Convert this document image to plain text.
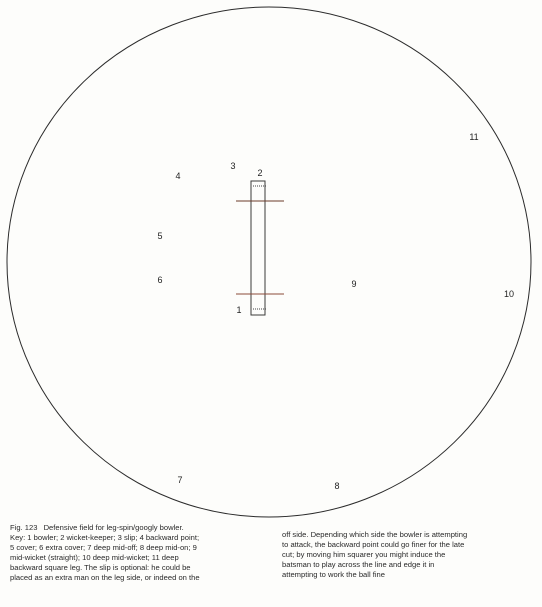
1
2
3
4
5
6
7
8
9
10
11
Fig. 123 Defensive field for leg-spin/googly bowler.
Key: 1 bowler; 2 wicket-keeper; 3 slip; 4 backward point;
5 cover; 6 extra cover; 7 deep mid-off; 8 deep mid-on; 9
mid-wicket (straight); 10 deep mid-wicket; 11 deep
backward square leg. The slip is optional: he could be
placed as an extra man on the leg side, or indeed on the
off side. Depending which side the bowler is attempting
to attack, the backward point could go finer for the late
cut; by moving him squarer you might induce the
batsman to play across the line and edge it in
attempting to work the ball fine
